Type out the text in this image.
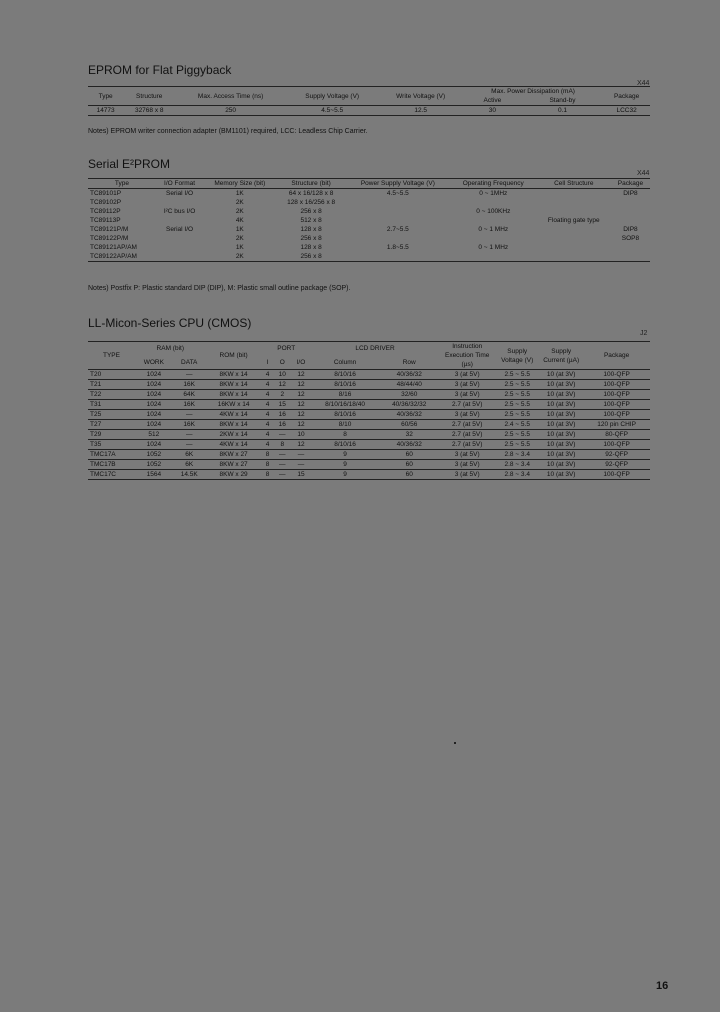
EPROM for Flat Piggyback
X44
Type	Structure	Max. Access Time (ns)	Supply Voltage (V)	Write Voltage (V)	Max. Power Dissipation (mA)		Package
					Active	Stand-by	
14773	32768 x 8	250	4.5~5.5	12.5	30	0.1	LCC32
Notes) EPROM writer connection adapter (BM1101) required, LCC: Leadless Chip Carrier.
Serial E²PROM
X44
Type	I/O Format	Memory Size (bit)	Structure (bit)	Power Supply Voltage (V)	Operating Frequency	Cell Structure	Package
TC89101P	Serial I/O	1K	64 x 16/128 x 8	4.5~5.5	0 ~ 1MHz		DIP8
TC89102P		2K	128 x 16/256 x 8				
TC89112P	I²C bus I/O	2K	256 x 8		0 ~ 100KHz		
TC89113P		4K	512 x 8			Floating gate type	
TC89121P/M	Serial I/O	1K	128 x 8	2.7~5.5	0 ~ 1 MHz		DIP8
TC89122P/M		2K	256 x 8				SOP8
TC89121AP/AM		1K	128 x 8	1.8~5.5	0 ~ 1 MHz		
TC89122AP/AM		2K	256 x 8				
Notes) Postfix P: Plastic standard DIP (DIP), M: Plastic small outline package (SOP).
LL-Micon-Series CPU (CMOS)
J2
TYPE	RAM (bit)		ROM (bit)	PORT			LCD DRIVER		Instruction Execution Time (µs)	Supply Voltage (V)	Supply Current (µA)	Package
	WORK	DATA		I	O	I/O	Column	Row				
T20	1024	—	8KW x 14	4	10	12	8/10/16	40/36/32	3 (at 5V)	2.5 ~ 5.5	10 (at 3V)	100-QFP
T21	1024	16K	8KW x 14	4	12	12	8/10/16	48/44/40	3 (at 5V)	2.5 ~ 5.5	10 (at 3V)	100-QFP
T22	1024	64K	8KW x 14	4	2	12	8/16	32/60	3 (at 5V)	2.5 ~ 5.5	10 (at 3V)	100-QFP
T31	1024	16K	16KW x 14	4	15	12	8/10/16/18/40	40/36/32/32	2.7 (at 5V)	2.5 ~ 5.5	10 (at 3V)	100-QFP
T25	1024	—	4KW x 14	4	16	12	8/10/16	40/36/32	3 (at 5V)	2.5 ~ 5.5	10 (at 3V)	100-QFP
T27	1024	16K	8KW x 14	4	16	12	8/10	60/56	2.7 (at 5V)	2.4 ~ 5.5	10 (at 3V)	120 pin CHIP
T29	512	—	2KW x 14	4	—	10	8	32	2.7 (at 5V)	2.5 ~ 5.5	10 (at 3V)	80-QFP
T35	1024	—	4KW x 14	4	8	12	8/10/16	40/36/32	2.7 (at 5V)	2.5 ~ 5.5	10 (at 3V)	100-QFP
TMC17A	1052	6K	8KW x 27	8	—	—	9	60	3 (at 5V)	2.8 ~ 3.4	10 (at 3V)	92-QFP
TMC17B	1052	6K	8KW x 27	8	—	—	9	60	3 (at 5V)	2.8 ~ 3.4	10 (at 3V)	92-QFP
TMC17C	1564	14.5K	8KW x 29	8	—	15	9	60	3 (at 5V)	2.8 ~ 3.4	10 (at 3V)	100-QFP
16
